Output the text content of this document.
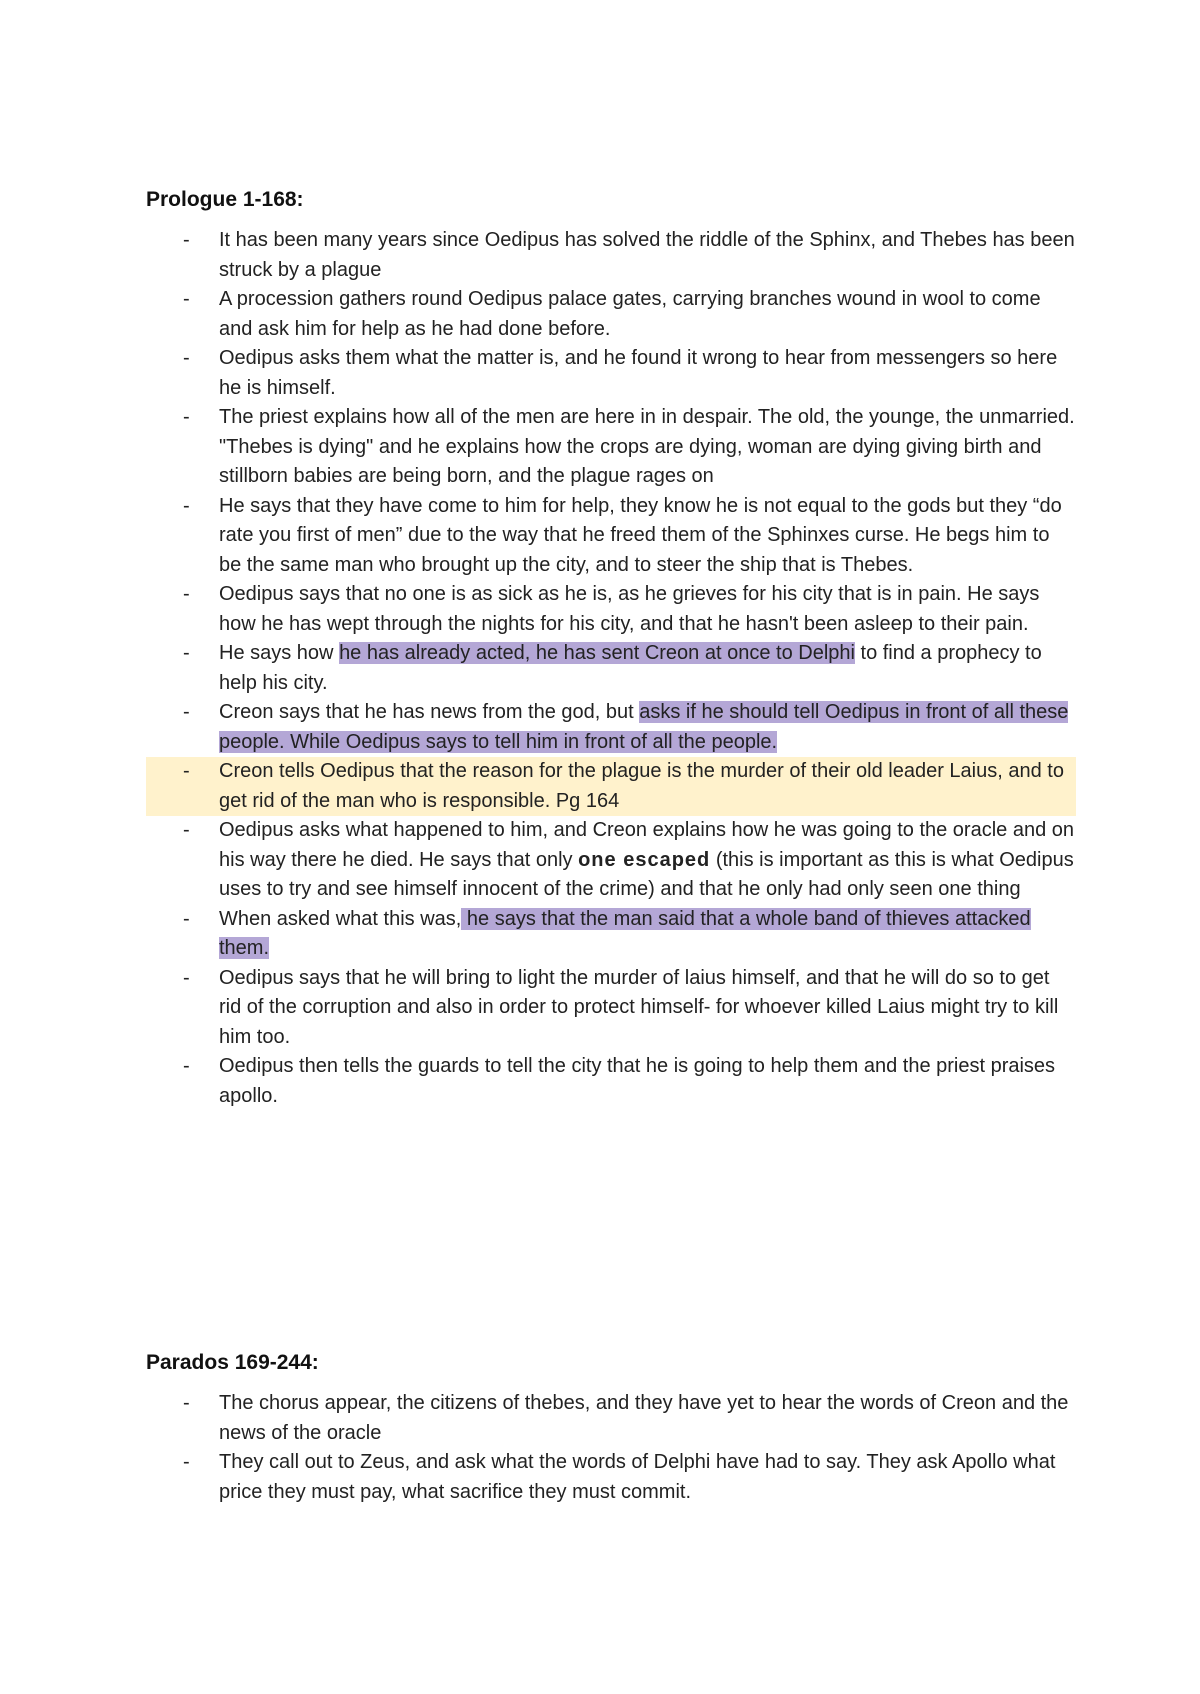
Prologue 1-168:
- It has been many years since Oedipus has solved the riddle of the Sphinx, and Thebes has been struck by a plague
- A procession gathers round Oedipus palace gates, carrying branches wound in wool to come and ask him for help as he had done before.
- Oedipus asks them what the matter is, and he found it wrong to hear from messengers so here he is himself.
- The priest explains how all of the men are here in in despair. The old, the younge, the unmarried. "Thebes is dying" and he explains how the crops are dying, woman are dying giving birth and stillborn babies are being born, and the plague rages on
- He says that they have come to him for help, they know he is not equal to the gods but they “do rate you first of men” due to the way that he freed them of the Sphinxes curse. He begs him to be the same man who brought up the city, and to steer the ship that is Thebes.
- Oedipus says that no one is as sick as he is, as he grieves for his city that is in pain. He says how he has wept through the nights for his city, and that he hasn't been asleep to their pain.
- He says how he has already acted, he has sent Creon at once to Delphi to find a prophecy to help his city.
- Creon says that he has news from the god, but asks if he should tell Oedipus in front of all these people. While Oedipus says to tell him in front of all the people.
- Creon tells Oedipus that the reason for the plague is the murder of their old leader Laius, and to get rid of the man who is responsible. Pg 164
- Oedipus asks what happened to him, and Creon explains how he was going to the oracle and on his way there he died. He says that only one escaped (this is important as this is what Oedipus uses to try and see himself innocent of the crime) and that he only had only seen one thing
- When asked what this was, he says that the man said that a whole band of thieves attacked them.
- Oedipus says that he will bring to light the murder of laius himself, and that he will do so to get rid of the corruption and also in order to protect himself- for whoever killed Laius might try to kill him too.
- Oedipus then tells the guards to tell the city that he is going to help them and the priest praises apollo.
Parados 169-244:
- The chorus appear, the citizens of thebes, and they have yet to hear the words of Creon and the news of the oracle
- They call out to Zeus, and ask what the words of Delphi have had to say. They ask Apollo what price they must pay, what sacrifice they must commit.
